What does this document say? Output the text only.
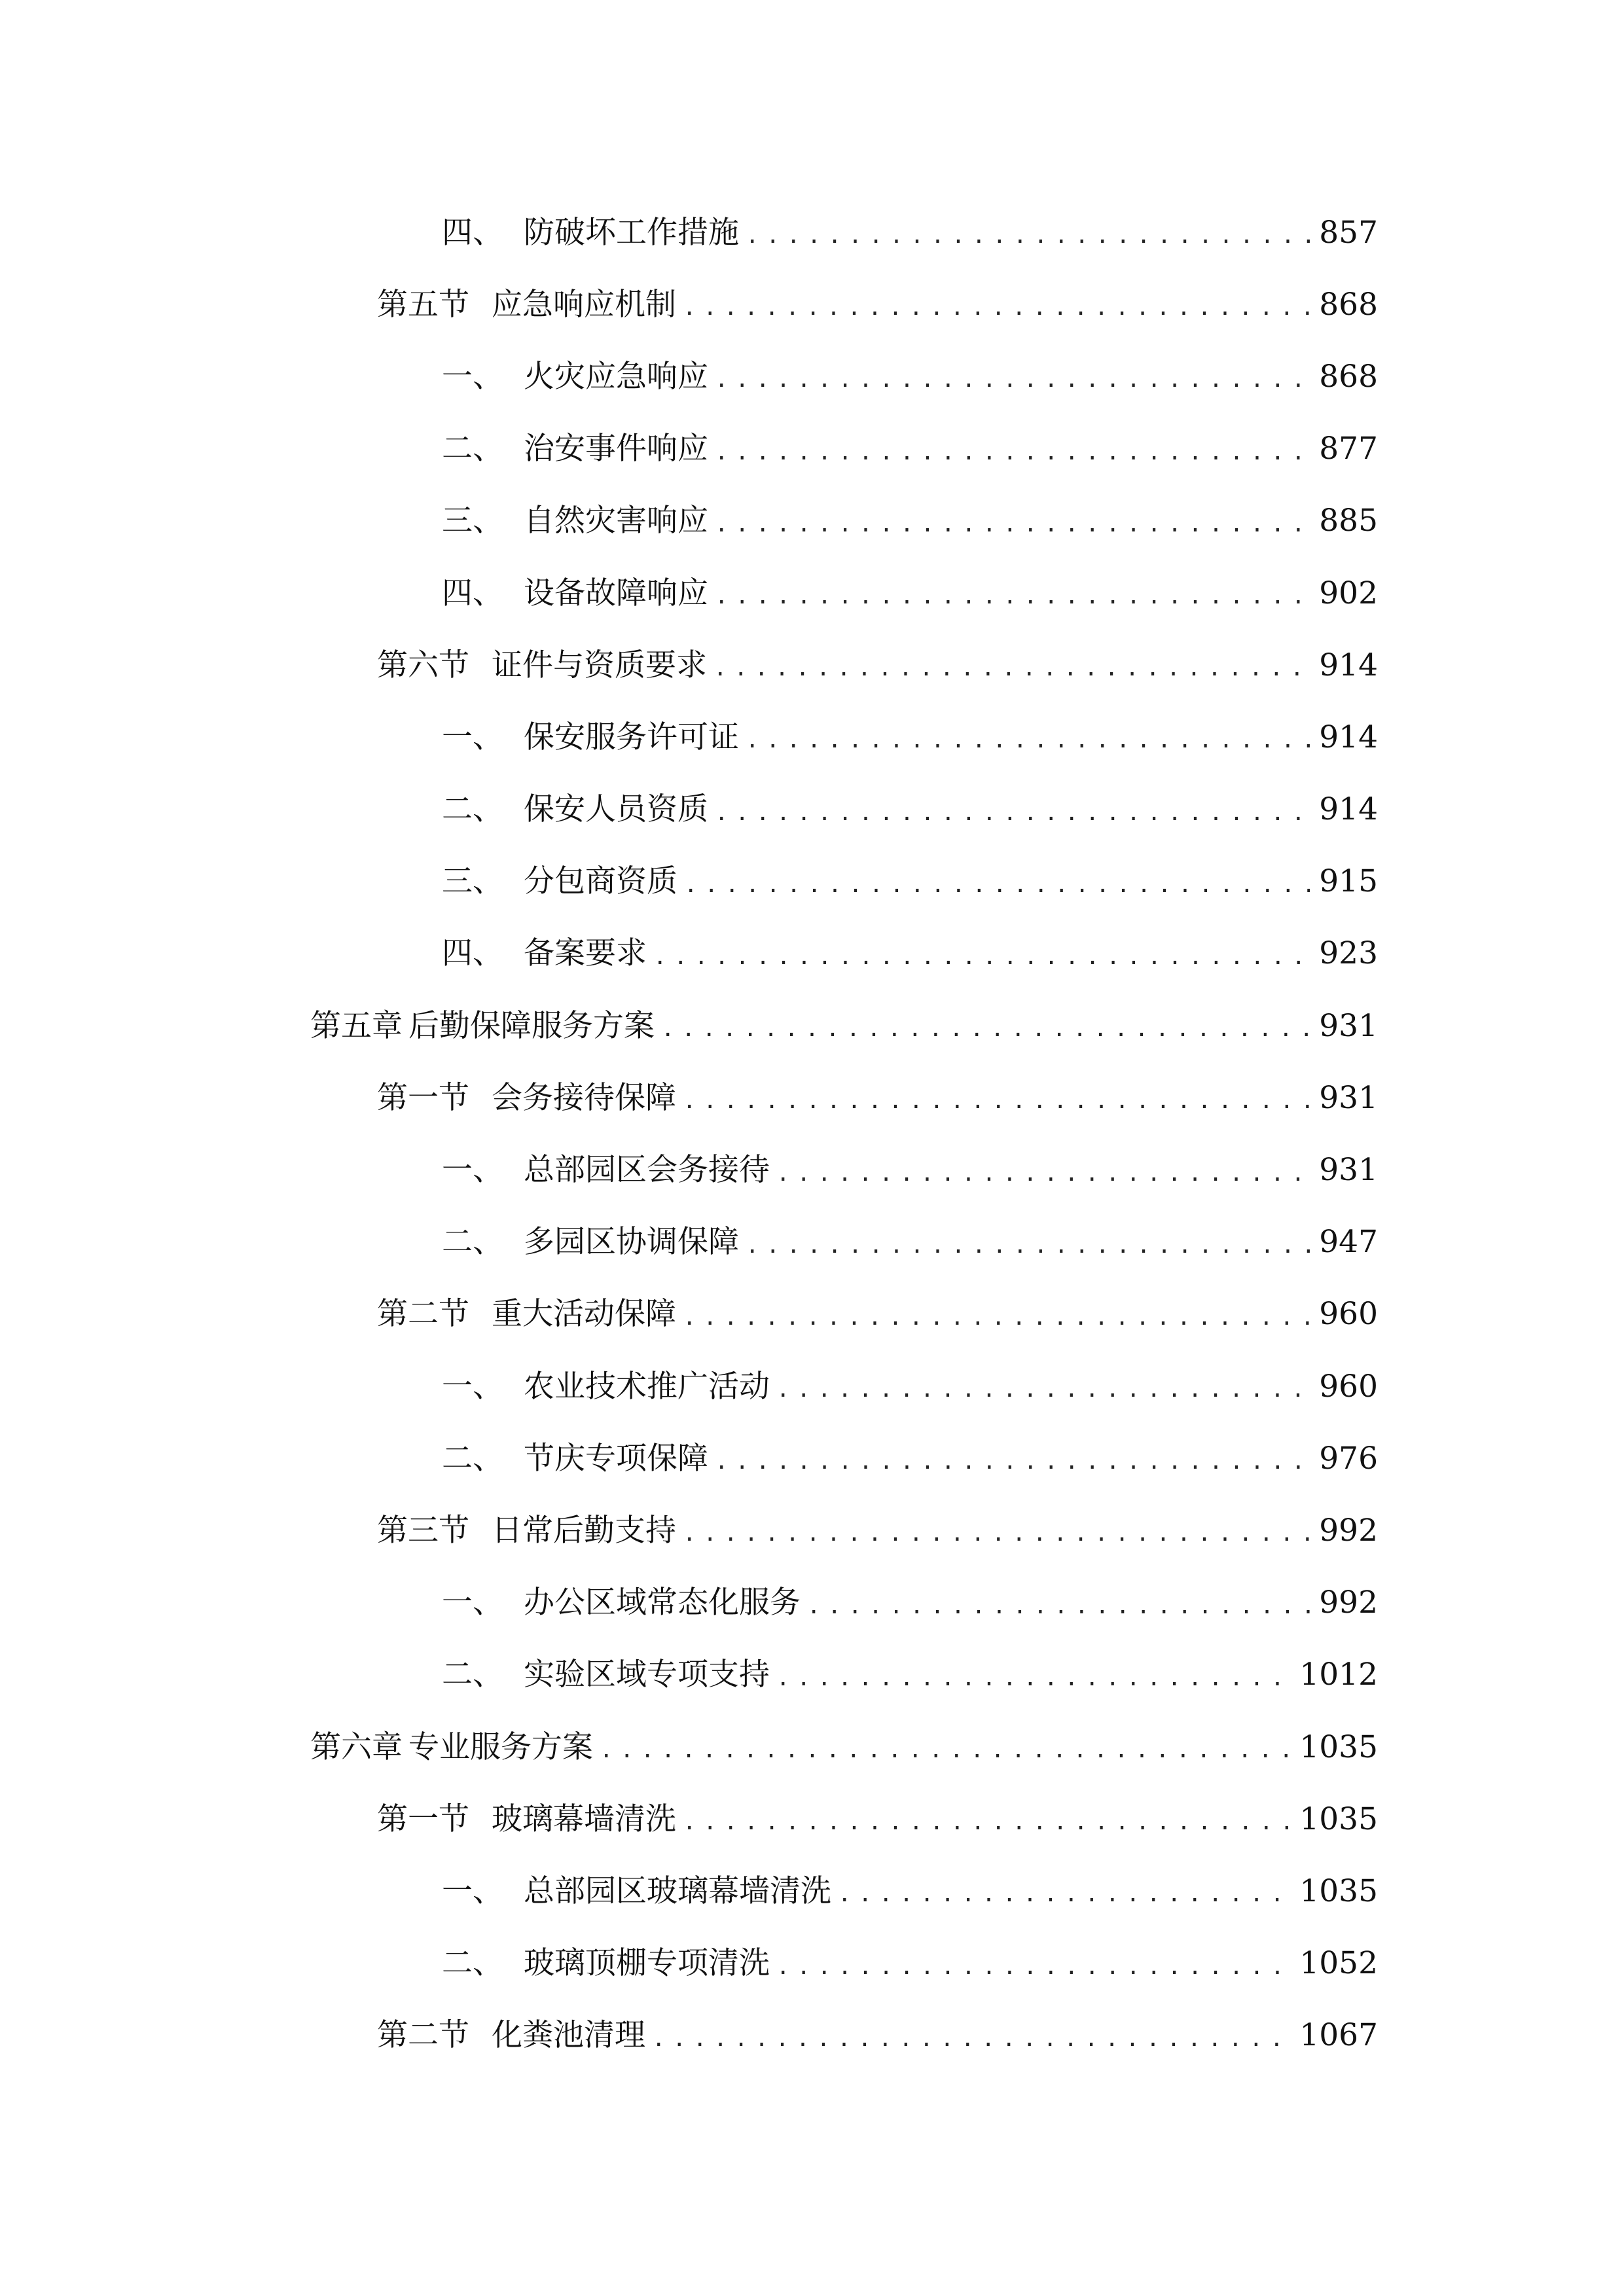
四、 防破坏工作措施 .....	857
第五节 应急响应机制 .....	868
一、 火灾应急响应 .....	868
二、 治安事件响应 .....	877
三、 自然灾害响应 .....	885
四、 设备故障响应 .....	902
第六节 证件与资质要求 .....	914
一、 保安服务许可证 .....	914
二、 保安人员资质 .....	914
三、 分包商资质 .....	915
四、 备案要求 .....	923
第五章 后勤保障服务方案 .....	931
第一节 会务接待保障 .....	931
一、 总部园区会务接待 .....	931
二、 多园区协调保障 .....	947
第二节 重大活动保障 .....	960
一、 农业技术推广活动 .....	960
二、 节庆专项保障 .....	976
第三节 日常后勤支持 .....	992
一、 办公区域常态化服务 .....	992
二、 实验区域专项支持 .....	1012
第六章 专业服务方案 .....	1035
第一节 玻璃幕墙清洗 .....	1035
一、 总部园区玻璃幕墙清洗 .....	1035
二、 玻璃顶棚专项清洗 .....	1052
第二节 化粪池清理 .....	1067
